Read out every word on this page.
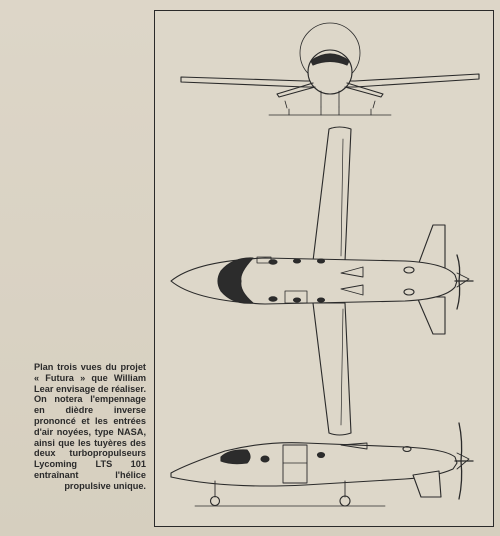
Plan trois vues du projet « Futura » que William Lear envisage de réaliser. On notera l'empennage en dièdre inverse prononcé et les entrées d'air noyées, type NASA, ainsi que les tuyères des deux turbopropulseurs Lycoming LTS 101 entraînant l'hélice propulsive unique.
